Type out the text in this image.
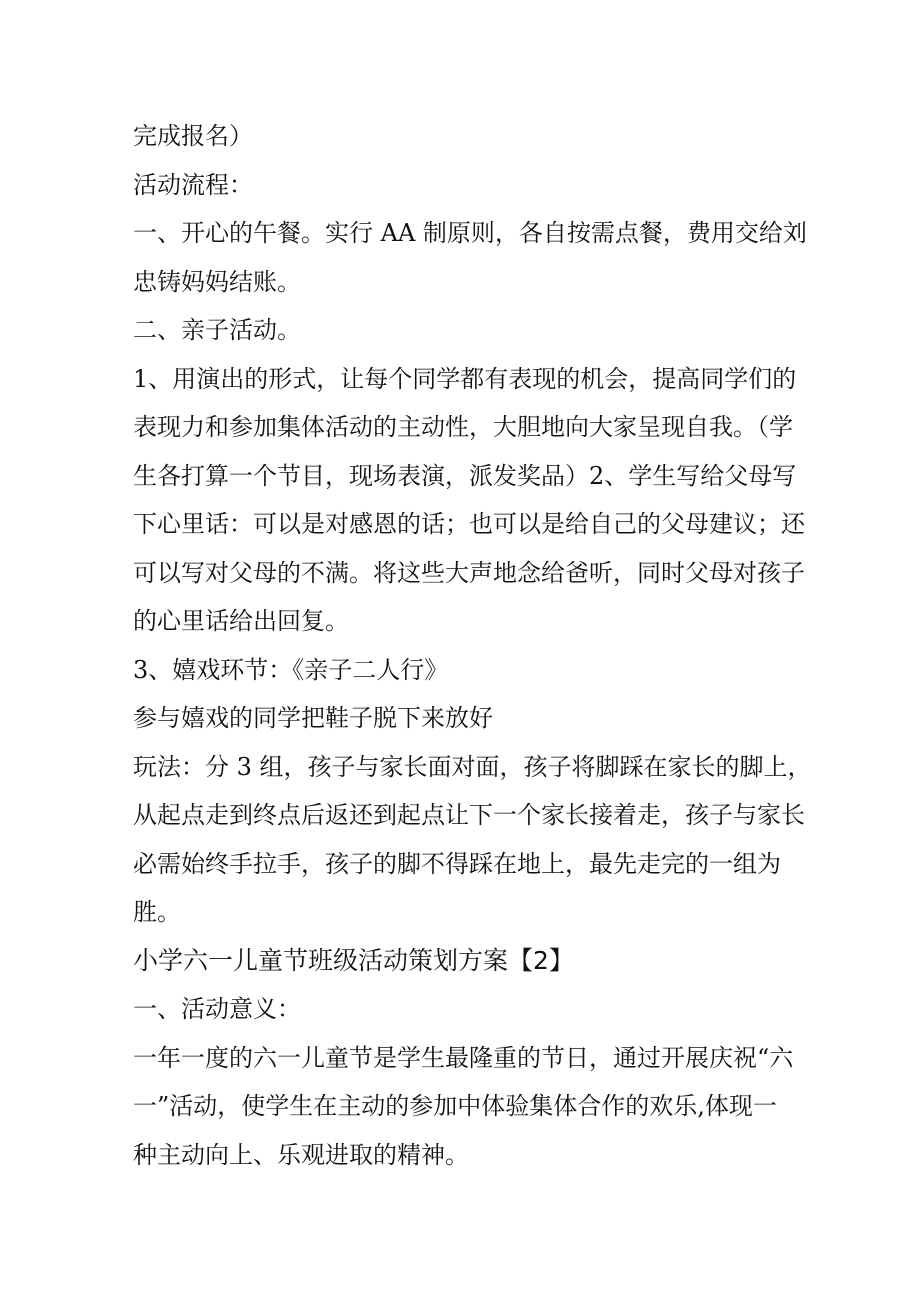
完成报名）
活动流程：
一、开心的午餐。实行 AA 制原则，各自按需点餐，费用交给刘
忠铸妈妈结账。
二、亲子活动。
1、用演出的形式，让每个同学都有表现的机会，提高同学们的
表现力和参加集体活动的主动性，大胆地向大家呈现自我。（学
生各打算一个节目，现场表演，派发奖品）2、学生写给父母写
下心里话：可以是对感恩的话；也可以是给自己的父母建议；还
可以写对父母的不满。将这些大声地念给爸听，同时父母对孩子
的心里话给出回复。
3、嬉戏环节：《亲子二人行》
参与嬉戏的同学把鞋子脱下来放好
玩法：分 3 组，孩子与家长面对面，孩子将脚踩在家长的脚上，
从起点走到终点后返还到起点让下一个家长接着走，孩子与家长
必需始终手拉手，孩子的脚不得踩在地上，最先走完的一组为
胜。
小学六一儿童节班级活动策划方案【2】
一、活动意义：
一年一度的六一儿童节是学生最隆重的节日，通过开展庆祝“六
一”活动，使学生在主动的参加中体验集体合作的欢乐,体现一
种主动向上、乐观进取的精神。
